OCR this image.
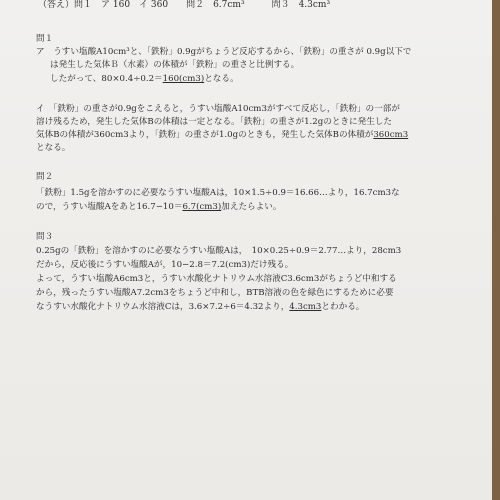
（答え）問１　ア 160　イ 360　　問２　6.7cm³　　　問３　4.3cm³
問１
ア　うすい塩酸A10cm³と、「鉄粉」0.9gがちょうど反応するから、「鉄粉」の重さが 0.9g以下で
は発生した気体Ｂ（水素）の体積が「鉄粉」の重さと比例する。
したがって、80×0.4÷0.2＝160(cm3)となる。
イ　「鉄粉」の重さが0.9gをこえると，うすい塩酸A10cm3がすべて反応し，「鉄粉」の一部が
溶け残るため，発生した気体Bの体積は一定となる。「鉄粉」の重さが1.2gのときに発生した
気体Bの体積が360cm3より，「鉄粉」の重さが1.0gのときも，発生した気体Bの体積が360cm3
となる。
問２
「鉄粉」1.5gを溶かすのに必要なうすい塩酸Aは，10×1.5÷0.9＝16.66…より，16.7cm3な
ので，うすい塩酸Aをあと16.7−10＝6.7(cm3)加えたらよい。
問３
0.25gの「鉄粉」を溶かすのに必要なうすい塩酸Aは，　10×0.25÷0.9＝2.77…より，28cm3
だから，反応後にうすい塩酸Aが，10−2.8＝7.2(cm3)だけ残る。
よって，うすい塩酸A6cm3と，うすい水酸化ナトリウム水溶液C3.6cm3がちょうど中和する
から，残ったうすい塩酸A7.2cm3をちょうど中和し，BTB溶液の色を緑色にするために必要
なうすい水酸化ナトリウム水溶液Cは，3.6×7.2÷6＝4.32より，4.3cm3とわかる。
